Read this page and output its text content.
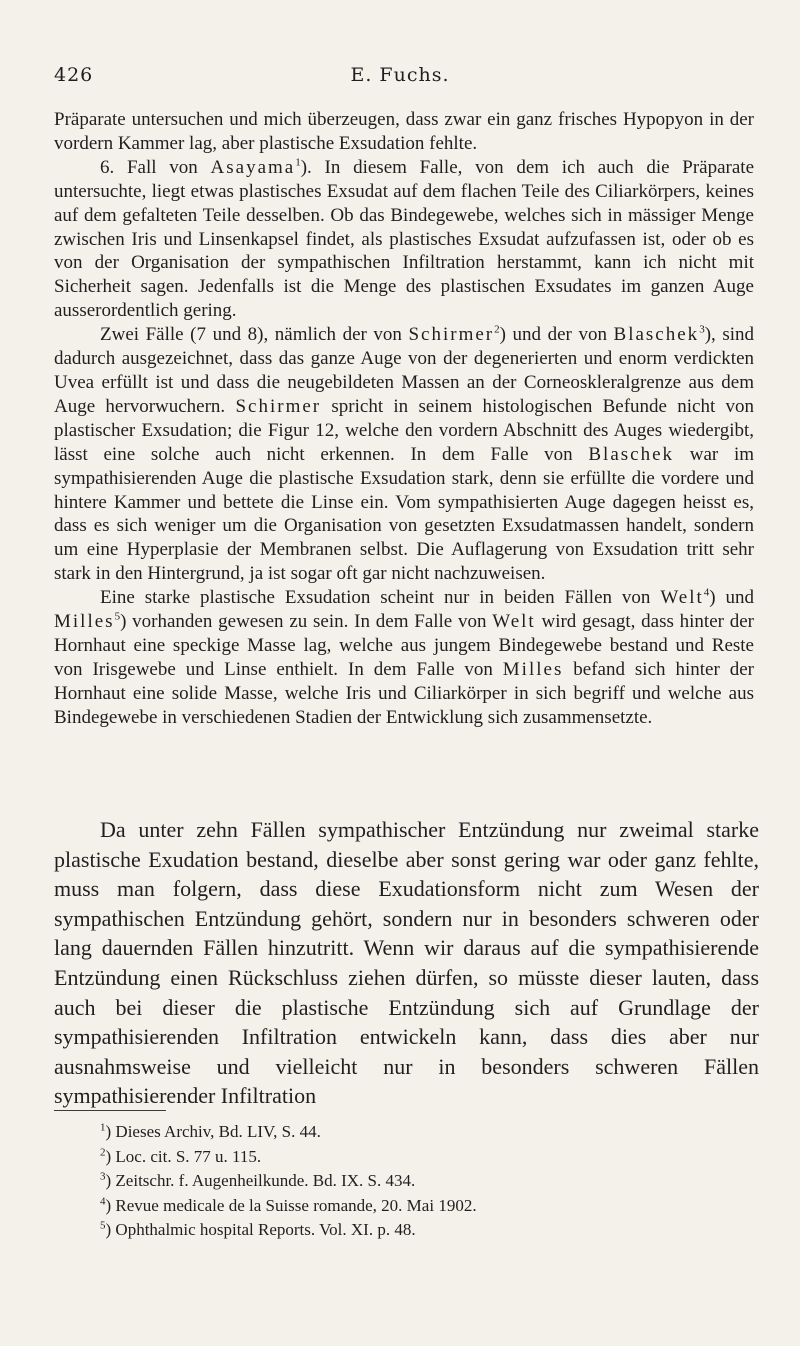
426	E. Fuchs.

Präparate untersuchen und mich überzeugen, dass zwar ein ganz frisches Hypopyon in der vordern Kammer lag, aber plastische Exsudation fehlte.

6. Fall von Asayama$^1$). In diesem Falle, von dem ich auch die Präparate untersuchte, liegt etwas plastisches Exsudat auf dem flachen Teile des Ciliarkörpers, keines auf dem gefalteten Teile desselben. Ob das Bindegewebe, welches sich in mässiger Menge zwischen Iris und Linsenkapsel findet, als plastisches Exsudat aufzufassen ist, oder ob es von der Organisation der sympathischen Infiltration herstammt, kann ich nicht mit Sicherheit sagen. Jedenfalls ist die Menge des plastischen Exsudates im ganzen Auge ausserordentlich gering.

Zwei Fälle (7 und 8), nämlich der von Schirmer$^2$) und der von Blaschek$^3$), sind dadurch ausgezeichnet, dass das ganze Auge von der degenerierten und enorm verdickten Uvea erfüllt ist und dass die neugebildeten Massen an der Corneoskleralgrenze aus dem Auge hervorwuchern. Schirmer spricht in seinem histologischen Befunde nicht von plastischer Exsudation; die Figur 12, welche den vordern Abschnitt des Auges wiedergibt, lässt eine solche auch nicht erkennen. In dem Falle von Blaschek war im sympathisierenden Auge die plastische Exsudation stark, denn sie erfüllte die vordere und hintere Kammer und bettete die Linse ein. Vom sympathisierten Auge dagegen heisst es, dass es sich weniger um die Organisation von gesetzten Exsudatmassen handelt, sondern um eine Hyperplasie der Membranen selbst. Die Auflagerung von Exsudation tritt sehr stark in den Hintergrund, ja ist sogar oft gar nicht nachzuweisen.

Eine starke plastische Exsudation scheint nur in beiden Fällen von Welt$^4$) und Milles$^5$) vorhanden gewesen zu sein. In dem Falle von Welt wird gesagt, dass hinter der Hornhaut eine speckige Masse lag, welche aus jungem Bindegewebe bestand und Reste von Irisgewebe und Linse enthielt. In dem Falle von Milles befand sich hinter der Hornhaut eine solide Masse, welche Iris und Ciliarkörper in sich begriff und welche aus Bindegewebe in verschiedenen Stadien der Entwicklung sich zusammensetzte.

Da unter zehn Fällen sympathischer Entzündung nur zweimal starke plastische Exudation bestand, dieselbe aber sonst gering war oder ganz fehlte, muss man folgern, dass diese Exudationsform nicht zum Wesen der sympathischen Entzündung gehört, sondern nur in besonders schweren oder lang dauernden Fällen hinzutritt. Wenn wir daraus auf die sympathisierende Entzündung einen Rückschluss ziehen dürfen, so müsste dieser lauten, dass auch bei dieser die plastische Entzündung sich auf Grundlage der sympathisierenden Infiltration entwickeln kann, dass dies aber nur ausnahmsweise und vielleicht nur in besonders schweren Fällen sympathisierender Infiltration

$^1$) Dieses Archiv, Bd. LIV, S. 44.

$^2$) Loc. cit. S. 77 u. 115.

$^3$) Zeitschr. f. Augenheilkunde. Bd. IX. S. 434.

$^4$) Revue medicale de la Suisse romande, 20. Mai 1902.

$^5$) Ophthalmic hospital Reports. Vol. XI. p. 48.
